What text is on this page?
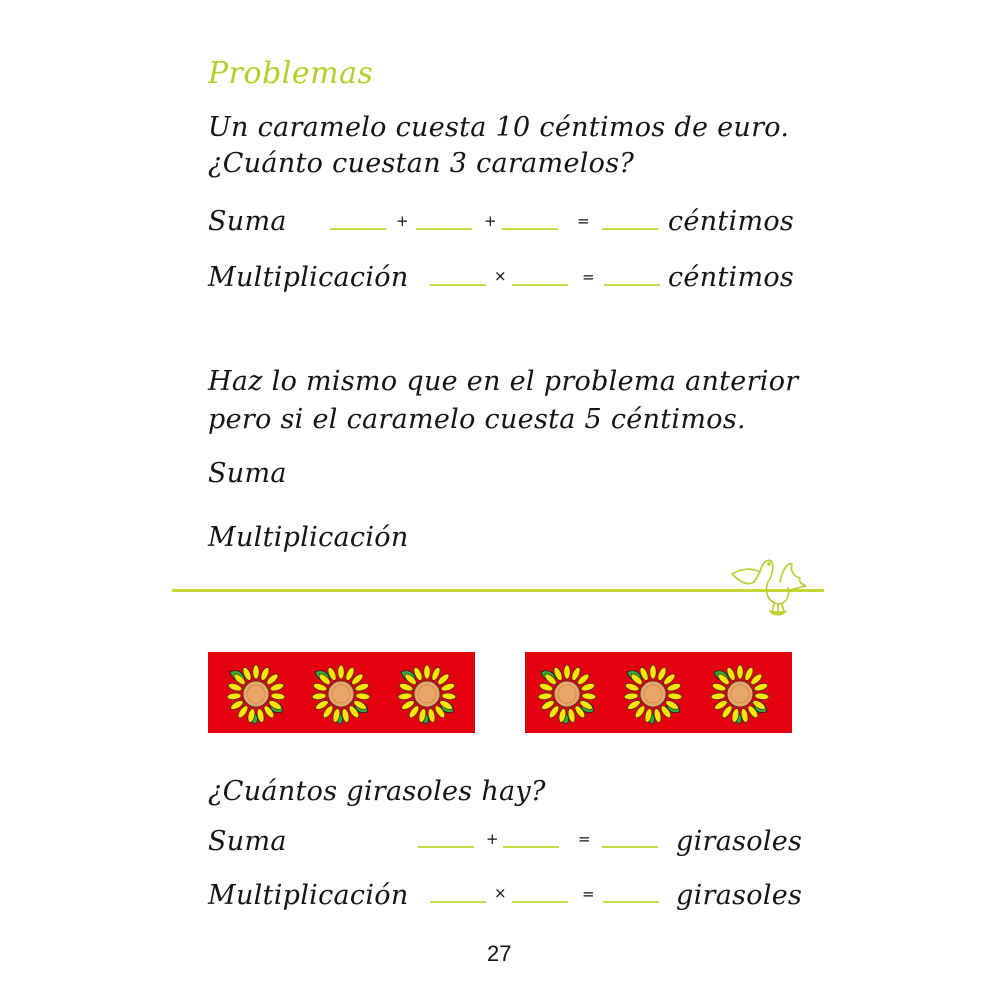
Problemas
Un caramelo cuesta 10 céntimos de euro.
¿Cuánto cuestan 3 caramelos?
Suma	+	+	=	céntimos
Multiplicación	×	=	céntimos
Haz lo mismo que en el problema anterior
pero si el caramelo cuesta 5 céntimos.
Suma
Multiplicación
¿Cuántos girasoles hay?
Suma	+	=	girasoles
Multiplicación	×	=	girasoles
27
